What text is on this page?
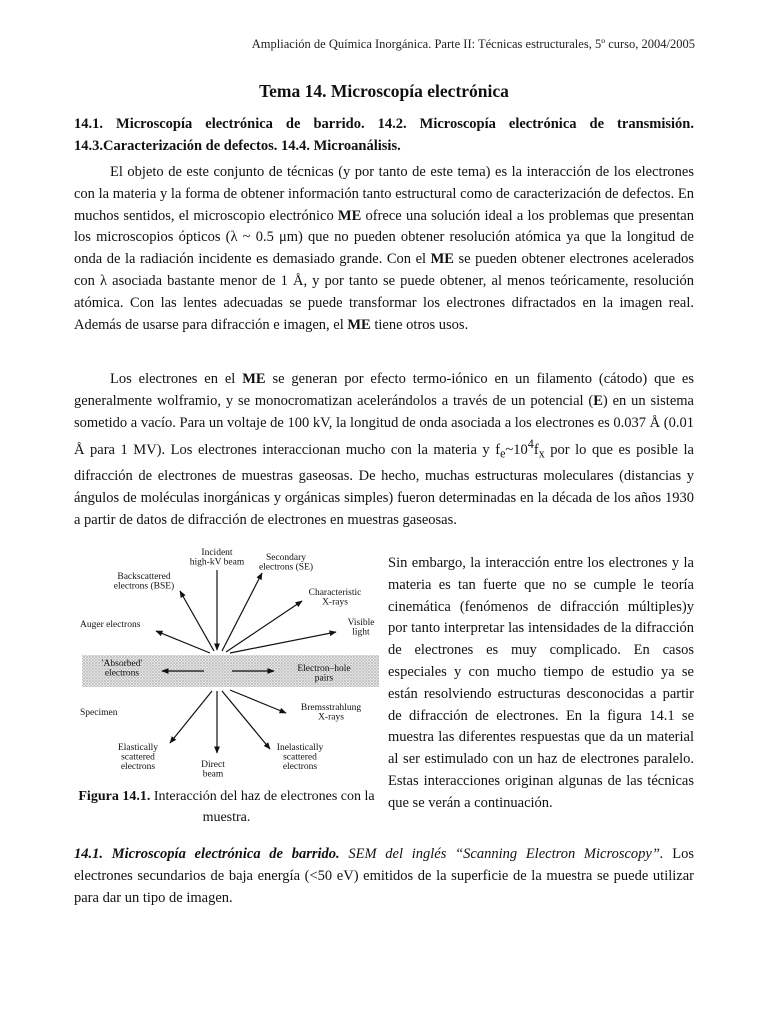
Ampliación de Química Inorgánica. Parte II: Técnicas estructurales, 5º curso, 2004/2005
Tema 14. Microscopía electrónica
14.1. Microscopía electrónica de barrido. 14.2. Microscopía electrónica de transmisión.
14.3.Caracterización de defectos. 14.4. Microanálisis.

El objeto de este conjunto de técnicas (y por tanto de este tema) es la interacción de los electrones con la materia y la forma de obtener información tanto estructural como de caracterización de defectos. En muchos sentidos, el microscopio electrónico ME ofrece una solución ideal a los problemas que presentan los microscopios ópticos (λ ~ 0.5 μm) que no pueden obtener resolución atómica ya que la longitud de onda de la radiación incidente es demasiado grande. Con el ME se pueden obtener electrones acelerados con λ asociada bastante menor de 1 Å, y por tanto se puede obtener, al menos teóricamente, resolución atómica. Con las lentes adecuadas se puede transformar los electrones difractados en la imagen real. Además de usarse para difracción e imagen, el ME tiene otros usos.

Los electrones en el ME se generan por efecto termo-iónico en un filamento (cátodo) que es generalmente wolframio, y se monocromatizan acelerándolos a través de un potencial (E) en un sistema sometido a vacío. Para un voltaje de 100 kV, la longitud de onda asociada a los electrones es 0.037 Å (0.01 Å para 1 MV). Los electrones interaccionan mucho con la materia y $f_e\sim 10^4f_x$ por lo que es posible la difracción de electrones de muestras gaseosas. De hecho, muchas estructuras moleculares (distancias y ángulos de moléculas inorgánicas y orgánicas simples) fueron determinadas en la década de los años 1930 a partir de datos de difracción de electrones en muestras gaseosas.

Incident high-kV beam	Secondary electrons (SE)
Backscattered electrons (BSE)
Characteristic X-rays
Auger electrons	Visible light
'Absorbed' electrons	Electron–hole pairs
Specimen	Bremsstrahlung X-rays
Elastically scattered electrons	Direct beam
Inelastically scattered electrons
Figura 14.1. Interacción del haz de electrones con la muestra.

Sin embargo, la interacción entre los electrones y la materia es tan fuerte que no se cumple le teoría cinemática (fenómenos de difracción múltiples)y por tanto interpretar las intensidades de la difracción de electrones es muy complicado. En casos especiales y con mucho tiempo de estudio ya se están resolviendo estructuras desconocidas a partir de difracción de electrones. En la figura 14.1 se muestra las diferentes respuestas que da un material al ser estimulado con un haz de electrones paralelo. Estas interacciones originan algunas de las técnicas que se verán a continuación.

14.1. Microscopía electrónica de barrido. SEM del inglés “Scanning Electron Microscopy”. Los electrones secundarios de baja energía (<50 eV) emitidos de la superficie de la muestra se puede utilizar para dar un tipo de imagen.
